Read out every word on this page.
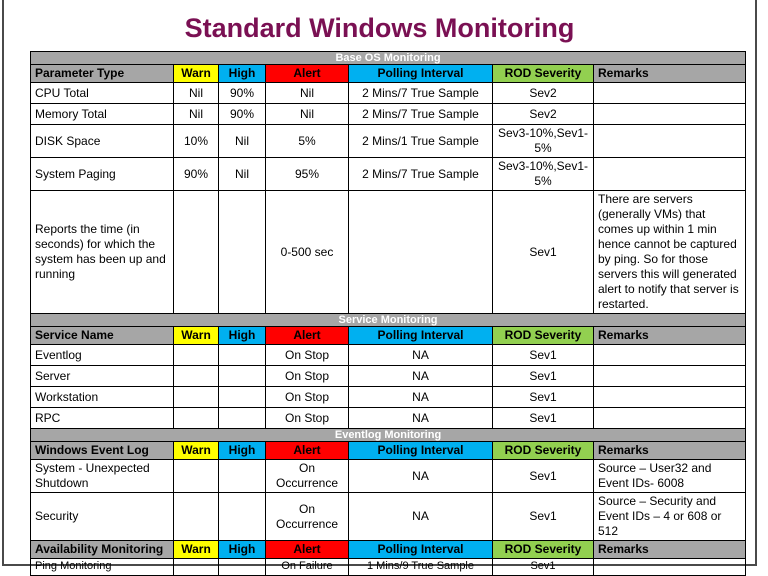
Standard Windows Monitoring
Base OS Monitoring						
Parameter Type	Warn	High	Alert	Polling Interval	ROD Severity	Remarks
CPU Total	Nil	90%	Nil	2 Mins/7 True Sample	Sev2	
Memory Total	Nil	90%	Nil	2 Mins/7 True Sample	Sev2	
DISK Space	10%	Nil	5%	2 Mins/1 True Sample	Sev3-10%,Sev1-5%	
System Paging	90%	Nil	95%	2 Mins/7 True Sample	Sev3-10%,Sev1-5%	
Reports the time (in seconds) for which the system has been up and running			0-500 sec		Sev1	There are servers (generally VMs) that comes up within 1 min hence cannot be captured by ping. So for those servers this will generated alert to notify that server is restarted.
Service Monitoring						
Service Name	Warn	High	Alert	Polling Interval	ROD Severity	Remarks
Eventlog			On Stop	NA	Sev1	
Server			On Stop	NA	Sev1	
Workstation			On Stop	NA	Sev1	
RPC			On Stop	NA	Sev1	
Eventlog Monitoring						
Windows Event Log	Warn	High	Alert	Polling Interval	ROD Severity	Remarks
System - Unexpected Shutdown			On Occurrence	NA	Sev1	Source – User32 and Event IDs- 6008
Security			On Occurrence	NA	Sev1	Source – Security and Event IDs – 4 or 608 or 512
Availability Monitoring	Warn	High	Alert	Polling Interval	ROD Severity	Remarks
Ping Monitoring			On Failure	1 Mins/9 True Sample	Sev1	
